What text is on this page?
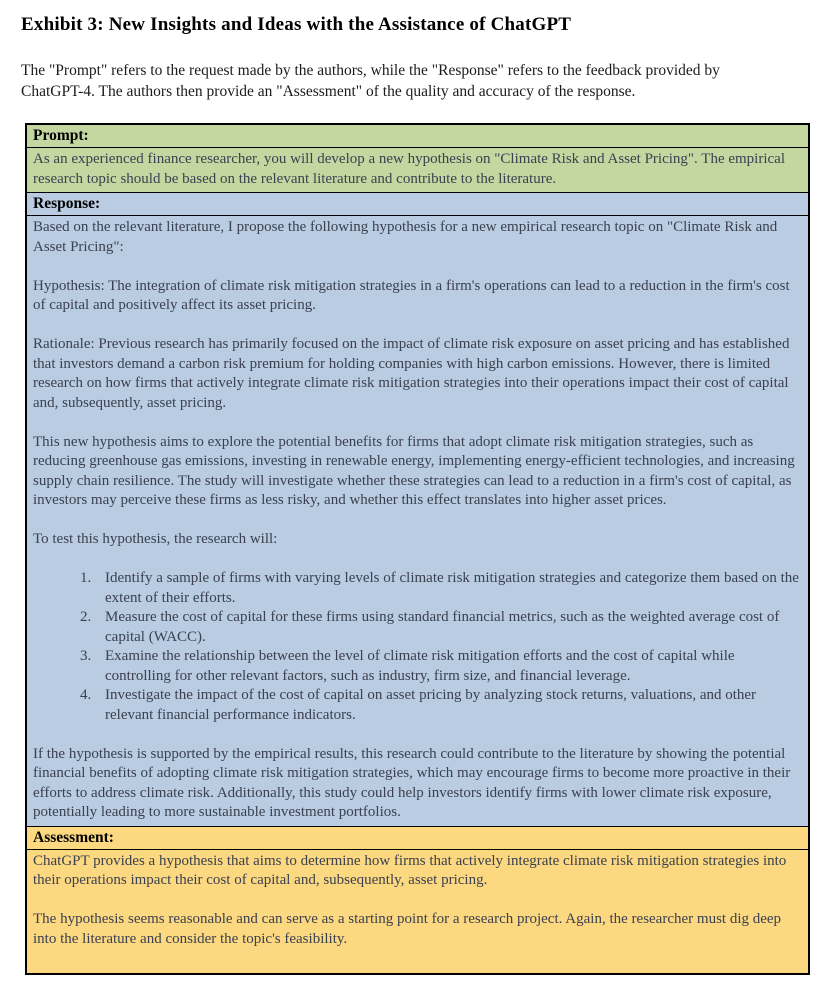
Exhibit 3: New Insights and Ideas with the Assistance of ChatGPT

The "Prompt" refers to the request made by the authors, while the "Response" refers to the feedback provided by ChatGPT-4. The authors then provide an "Assessment" of the quality and accuracy of the response.

Prompt:

As an experienced finance researcher, you will develop a new hypothesis on "Climate Risk and Asset Pricing". The empirical research topic should be based on the relevant literature and contribute to the literature.

Response:

Based on the relevant literature, I propose the following hypothesis for a new empirical research topic on "Climate Risk and Asset Pricing":

Hypothesis: The integration of climate risk mitigation strategies in a firm's operations can lead to a reduction in the firm's cost of capital and positively affect its asset pricing.

Rationale: Previous research has primarily focused on the impact of climate risk exposure on asset pricing and has established that investors demand a carbon risk premium for holding companies with high carbon emissions. However, there is limited research on how firms that actively integrate climate risk mitigation strategies into their operations impact their cost of capital and, subsequently, asset pricing.

This new hypothesis aims to explore the potential benefits for firms that adopt climate risk mitigation strategies, such as reducing greenhouse gas emissions, investing in renewable energy, implementing energy-efficient technologies, and increasing supply chain resilience. The study will investigate whether these strategies can lead to a reduction in a firm's cost of capital, as investors may perceive these firms as less risky, and whether this effect translates into higher asset prices.

To test this hypothesis, the research will:

1. Identify a sample of firms with varying levels of climate risk mitigation strategies and categorize them based on the extent of their efforts.
2. Measure the cost of capital for these firms using standard financial metrics, such as the weighted average cost of capital (WACC).
3. Examine the relationship between the level of climate risk mitigation efforts and the cost of capital while controlling for other relevant factors, such as industry, firm size, and financial leverage.
4. Investigate the impact of the cost of capital on asset pricing by analyzing stock returns, valuations, and other relevant financial performance indicators.

If the hypothesis is supported by the empirical results, this research could contribute to the literature by showing the potential financial benefits of adopting climate risk mitigation strategies, which may encourage firms to become more proactive in their efforts to address climate risk. Additionally, this study could help investors identify firms with lower climate risk exposure, potentially leading to more sustainable investment portfolios.

Assessment:

ChatGPT provides a hypothesis that aims to determine how firms that actively integrate climate risk mitigation strategies into their operations impact their cost of capital and, subsequently, asset pricing.

The hypothesis seems reasonable and can serve as a starting point for a research project. Again, the researcher must dig deep into the literature and consider the topic's feasibility.
